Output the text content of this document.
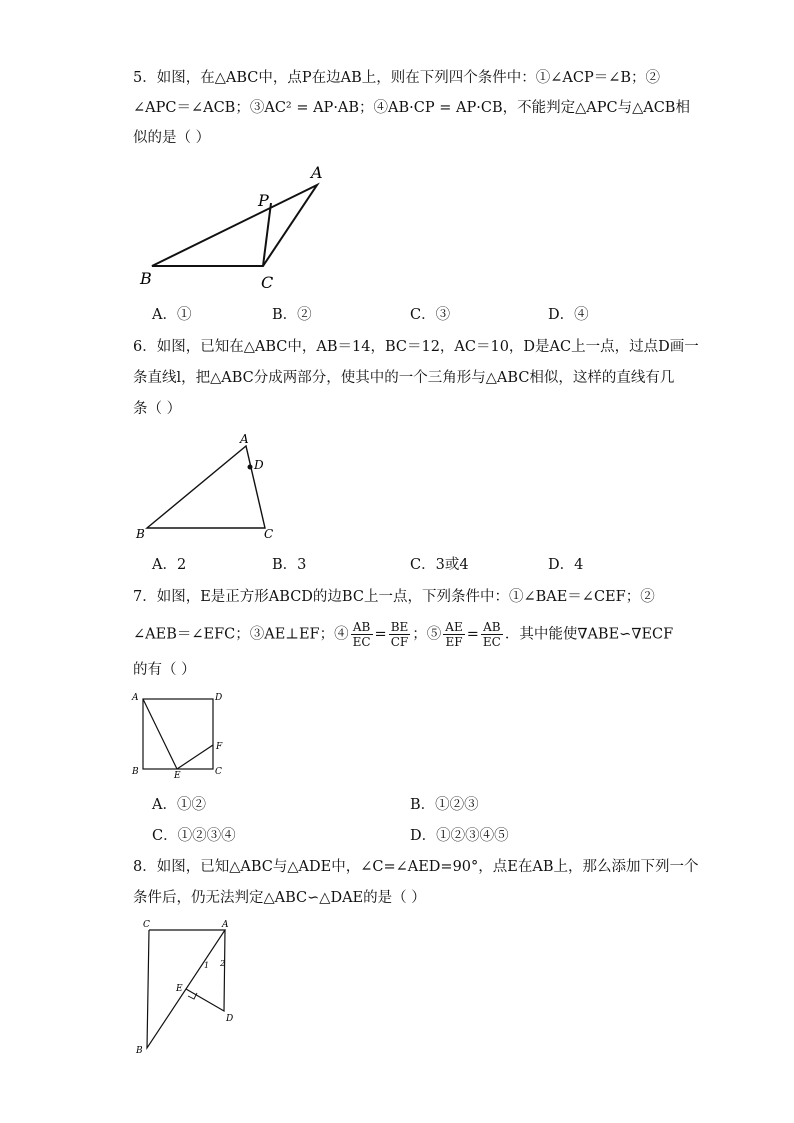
5．如图，在△ABC中，点P在边AB上，则在下列四个条件中：①∠ACP＝∠B；②
∠APC＝∠ACB；③AC² = AP·AB；④AB·CP = AP·CB，不能判定△APC与△ACB相
似的是（ ）
A
P
B	C
A．①	B．②	C．③	D．④
6．如图，已知在△ABC中，AB＝14，BC＝12，AC＝10，D是AC上一点，过点D画一
条直线l，把△ABC分成两部分，使其中的一个三角形与△ABC相似，这样的直线有几
条（ ）
A
D
B	C
A．2	B．3	C．3或4	D．4
7．如图，E是正方形ABCD的边BC上一点，下列条件中：①∠BAE＝∠CEF；②
∠AEB＝∠EFC；③AE⊥EF；④ $\frac{AB}{EC} = \frac{BE}{CF}$ ；⑤ $\frac{AE}{EF} = \frac{AB}{EC}$ ．其中能使∇ABE∽∇ECF
的有（ ）
A	D
B	C
E
F
A．①②	B．①②③
C．①②③④	D．①②③④⑤
8．如图，已知△ABC与△ADE中，∠C=∠AED=90°，点E在AB上，那么添加下列一个
条件后，仍无法判定△ABC∽△DAE的是（ ）
C	A
E
D
B
1 2
